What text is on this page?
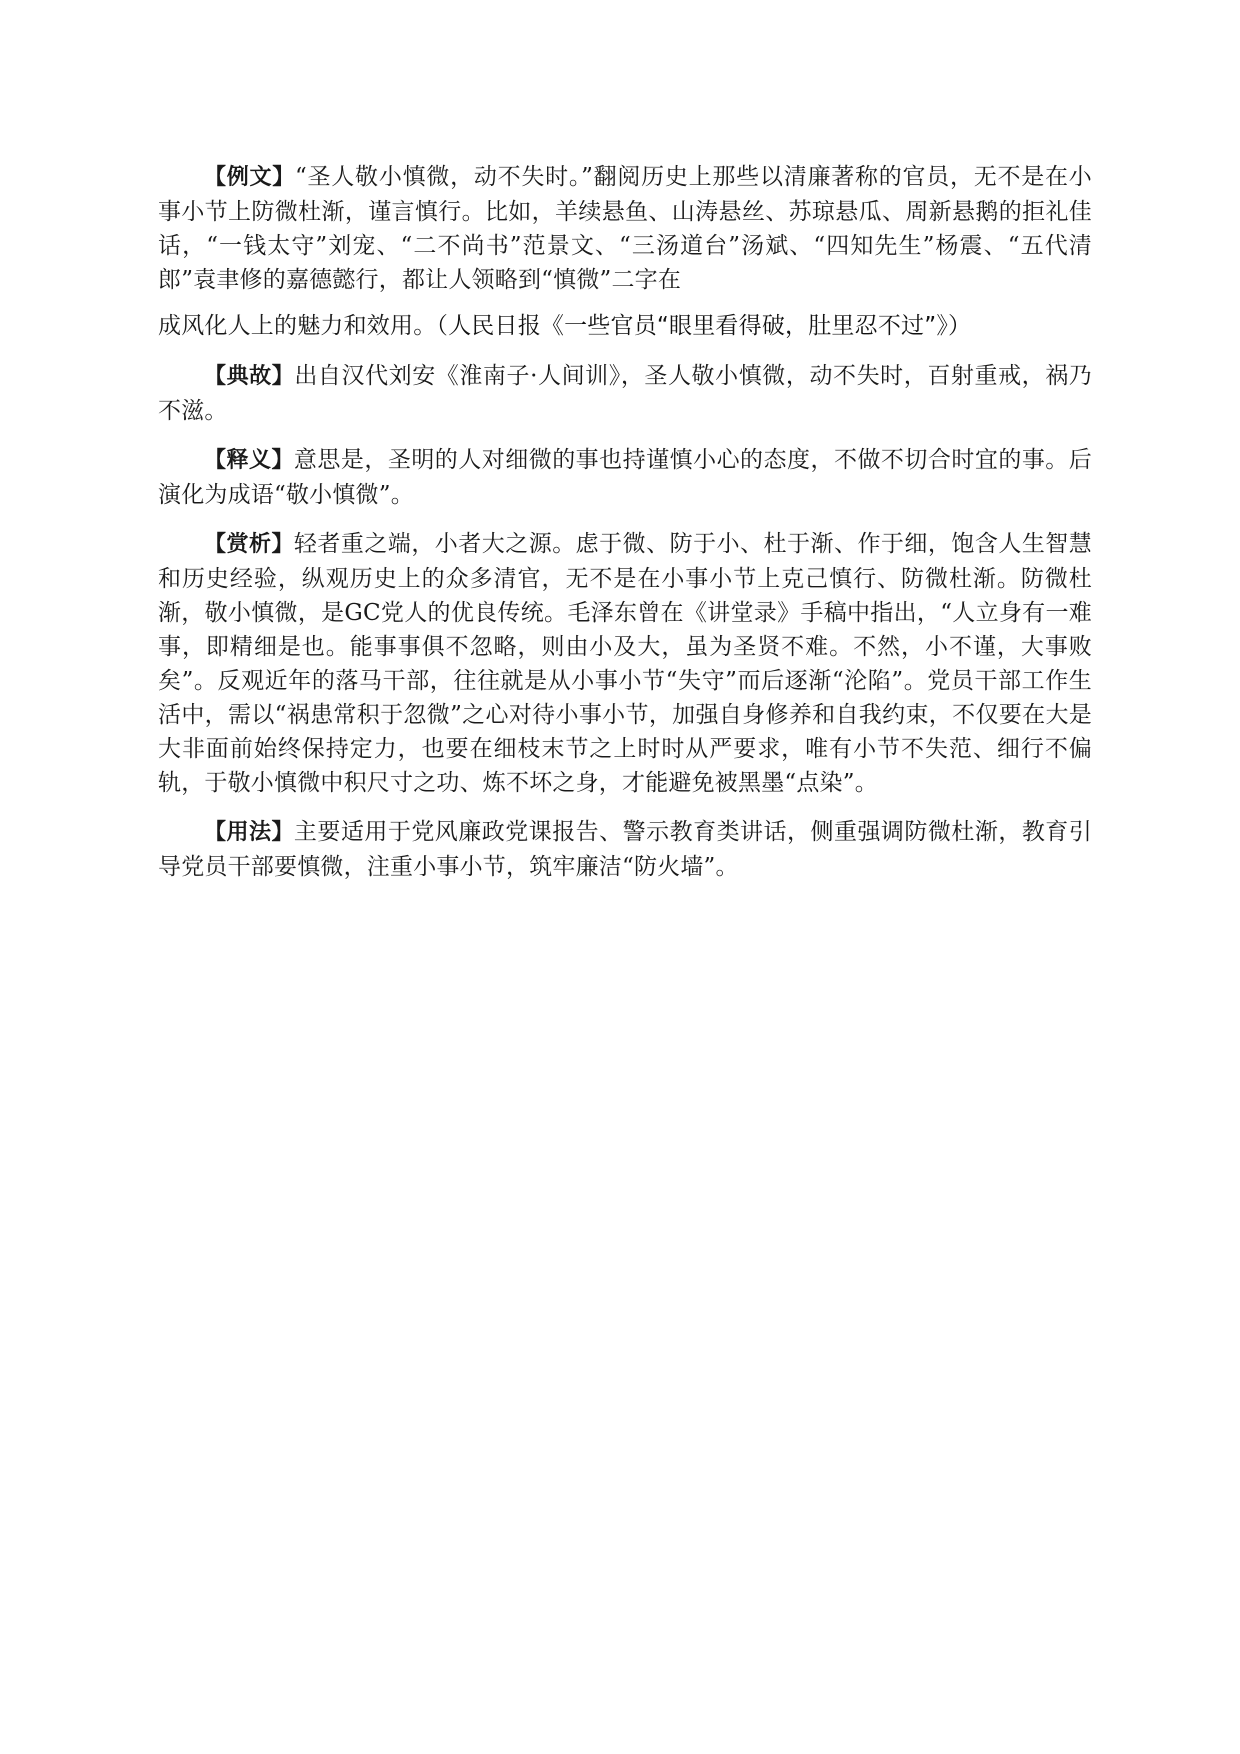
【例文】“圣人敬小慎微，动不失时。”翻阅历史上那些以清廉著称的官员，无不是在小事小节上防微杜渐，谨言慎行。比如，羊续悬鱼、山涛悬丝、苏琼悬瓜、周新悬鹅的拒礼佳话，“一钱太守”刘宠、“二不尚书”范景文、“三汤道台”汤斌、“四知先生”杨震、“五代清郎”袁聿修的嘉德懿行，都让人领略到“慎微”二字在
成风化人上的魅力和效用。（人民日报《一些官员“眼里看得破，肚里忍不过”》）

【典故】出自汉代刘安《淮南子·人间训》，圣人敬小慎微，动不失时，百射重戒，祸乃不滋。

【释义】意思是，圣明的人对细微的事也持谨慎小心的态度，不做不切合时宜的事。后演化为成语“敬小慎微”。

【赏析】轻者重之端，小者大之源。虑于微、防于小、杜于渐、作于细，饱含人生智慧和历史经验，纵观历史上的众多清官，无不是在小事小节上克己慎行、防微杜渐。防微杜渐，敬小慎微，是GC党人的优良传统。毛泽东曾在《讲堂录》手稿中指出，“人立身有一难事，即精细是也。能事事俱不忽略，则由小及大，虽为圣贤不难。不然，小不谨，大事败矣”。反观近年的落马干部，往往就是从小事小节“失守”而后逐渐“沦陷”。党员干部工作生活中，需以“祸患常积于忽微”之心对待小事小节，加强自身修养和自我约束，不仅要在大是大非面前始终保持定力，也要在细枝末节之上时时从严要求，唯有小节不失范、细行不偏轨，于敬小慎微中积尺寸之功、炼不坏之身，才能避免被黑墨“点染”。

【用法】主要适用于党风廉政党课报告、警示教育类讲话，侧重强调防微杜渐，教育引导党员干部要慎微，注重小事小节，筑牢廉洁“防火墙”。
